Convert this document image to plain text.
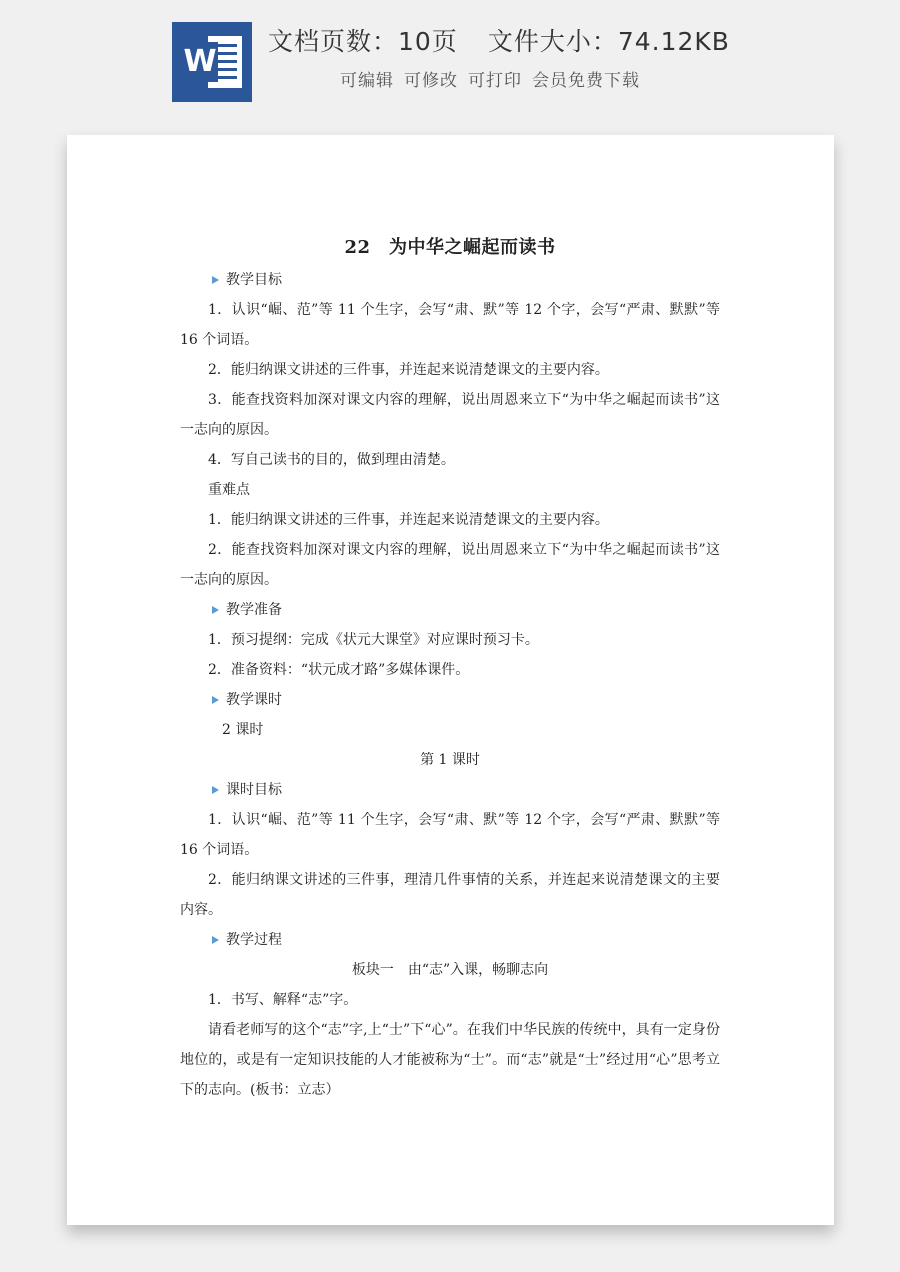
W
文档页数：10页 文件大小：74.12KB
可编辑 可修改 可打印 会员免费下载
22　为中华之崛起而读书
教学目标

1．认识“崛、范”等 11 个生字，会写“肃、默”等 12 个字，会写“严肃、默默”等 16 个词语。

2．能归纳课文讲述的三件事，并连起来说清楚课文的主要内容。

3．能查找资料加深对课文内容的理解，说出周恩来立下“为中华之崛起而读书”这一志向的原因。

4．写自己读书的目的，做到理由清楚。

重难点

1．能归纳课文讲述的三件事，并连起来说清楚课文的主要内容。

2．能查找资料加深对课文内容的理解，说出周恩来立下“为中华之崛起而读书”这一志向的原因。

教学准备

1．预习提纲：完成《状元大课堂》对应课时预习卡。

2．准备资料：“状元成才路”多媒体课件。

教学课时

2 课时

第 1 课时

课时目标

1．认识“崛、范”等 11 个生字，会写“肃、默”等 12 个字，会写“严肃、默默”等 16 个词语。

2．能归纳课文讲述的三件事，理清几件事情的关系，并连起来说清楚课文的主要内容。

教学过程

板块一　由“志”入课，畅聊志向

1．书写、解释“志”字。

请看老师写的这个“志”字,上“士”下“心”。在我们中华民族的传统中，具有一定身份地位的，或是有一定知识技能的人才能被称为“士”。而“志”就是“士”经过用“心”思考立下的志向。(板书：立志）
